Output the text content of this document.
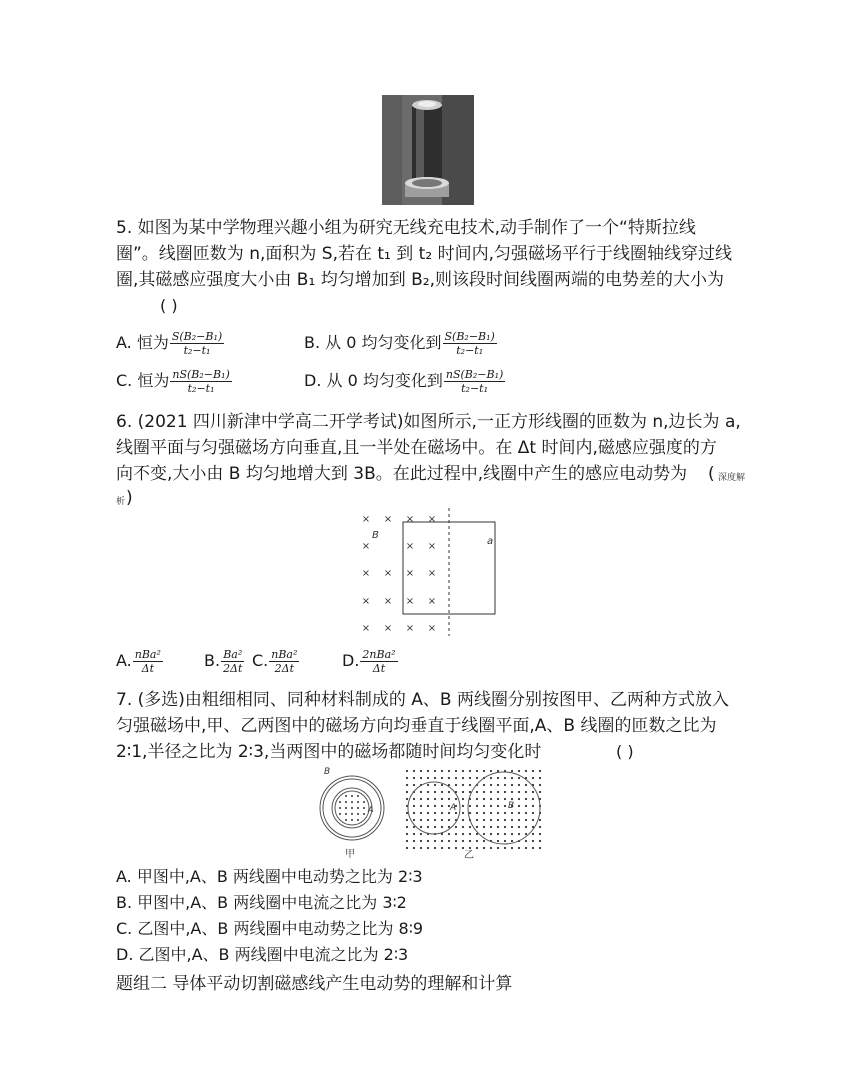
5. 如图为某中学物理兴趣小组为研究无线充电技术,动手制作了一个“特斯拉线
圈”。线圈匝数为 n,面积为 S,若在 t₁ 到 t₂ 时间内,匀强磁场平行于线圈轴线穿过线
圈,其磁感应强度大小由 B₁ 均匀增加到 B₂,则该段时间线圈两端的电势差的大小为
( )
A. 恒为 $\frac{\text{S(B₂−B₁)}}{\text{t₂−t₁}}$	B. 从 0 均匀变化到 $\frac{\text{S(B₂−B₁)}}{\text{t₂−t₁}}$
C. 恒为 $\frac{\text{nS(B₂−B₁)}}{\text{t₂−t₁}}$	D. 从 0 均匀变化到 $\frac{\text{nS(B₂−B₁)}}{\text{t₂−t₁}}$
6. (2021 四川新津中学高二开学考试)如图所示,一正方形线圈的匝数为 n,边长为 a,
线圈平面与匀强磁场方向垂直,且一半处在磁场中。在 Δt 时间内,磁感应强度的方
向不变,大小由 B 均匀地增大到 3B。在此过程中,线圈中产生的感应电动势为 ( 深度解
析 )
× × × ×
×	× ×
× × × ×
× × × ×
× × × ×
B
a
A. $\frac{\text{nBa²}}{\Delta t}$	B. $\frac{\text{Ba²}}{2\Delta t} C$. $\frac{\text{nBa²}}{2\Delta t}$	D. $\frac{\text{2nBa²}}{\Delta t}$
7. (多选)由粗细相同、同种材料制成的 A、B 两线圈分别按图甲、乙两种方式放入
匀强磁场中,甲、乙两图中的磁场方向均垂直于线圈平面,A、B 线圈的匝数之比为
2∶1,半径之比为 2∶3,当两图中的磁场都随时间均匀变化时	( )
B
A
甲
A	B
乙
A. 甲图中,A、B 两线圈中电动势之比为 2∶3
B. 甲图中,A、B 两线圈中电流之比为 3∶2
C. 乙图中,A、B 两线圈中电动势之比为 8∶9
D. 乙图中,A、B 两线圈中电流之比为 2∶3
题组二 导体平动切割磁感线产生电动势的理解和计算
